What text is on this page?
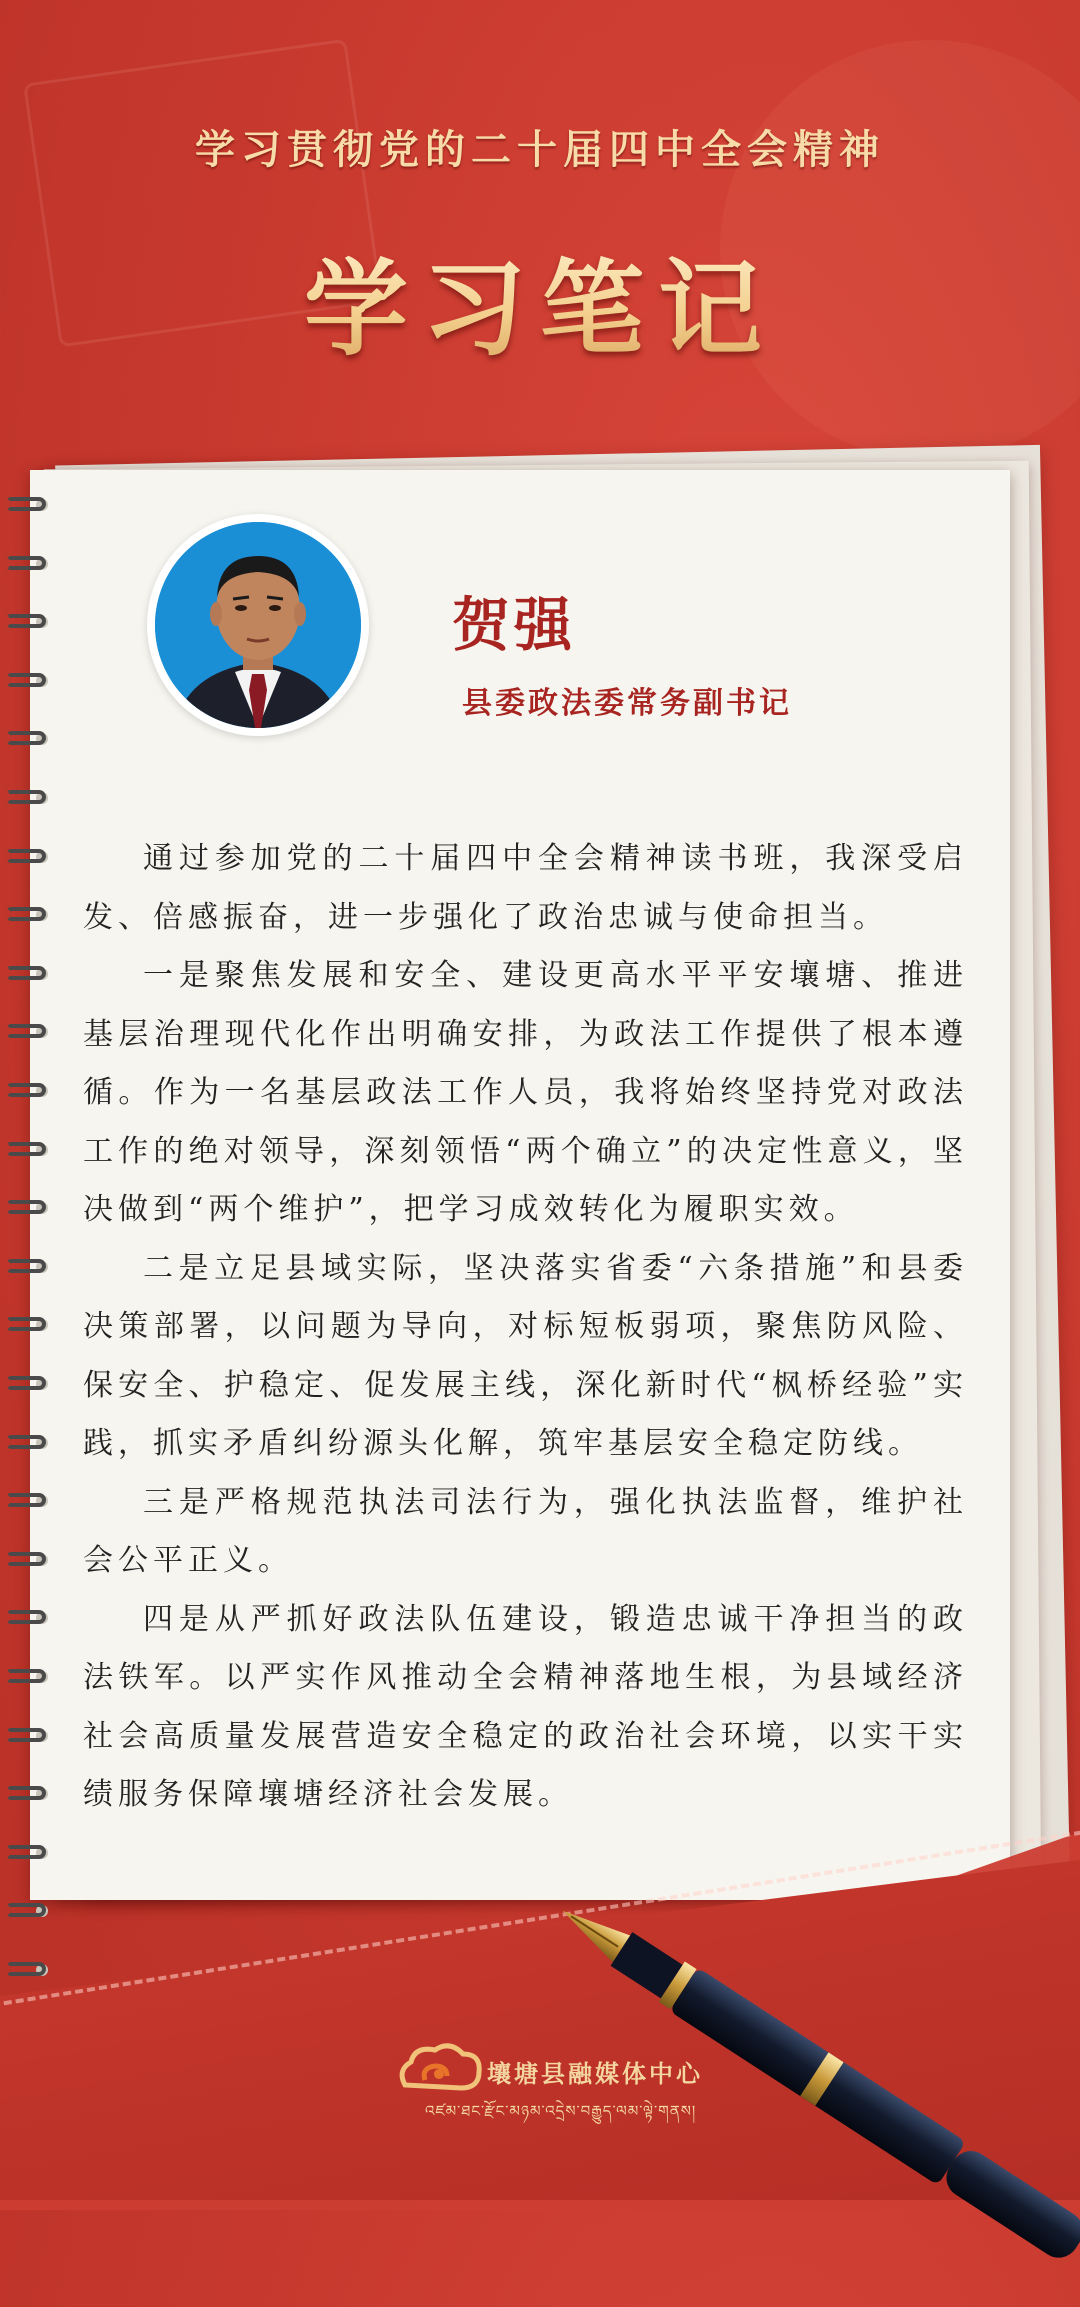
学习贯彻党的二十届四中全会精神
学习笔记
贺强
县委政法委常务副书记

通过参加党的二十届四中全会精神读书班，我深受启发、倍感振奋，进一步强化了政治忠诚与使命担当。

一是聚焦发展和安全、建设更高水平平安壤塘、推进基层治理现代化作出明确安排，为政法工作提供了根本遵循。作为一名基层政法工作人员，我将始终坚持党对政法工作的绝对领导，深刻领悟“两个确立”的决定性意义，坚决做到“两个维护”，把学习成效转化为履职实效。

二是立足县域实际，坚决落实省委“六条措施”和县委决策部署，以问题为导向，对标短板弱项，聚焦防风险、保安全、护稳定、促发展主线，深化新时代“枫桥经验”实践，抓实矛盾纠纷源头化解，筑牢基层安全稳定防线。

三是严格规范执法司法行为，强化执法监督，维护社会公平正义。

四是从严抓好政法队伍建设，锻造忠诚干净担当的政法铁军。以严实作风推动全会精神落地生根，为县域经济社会高质量发展营造安全稳定的政治社会环境，以实干实绩服务保障壤塘经济社会发展。

壤塘县融媒体中心
འཛམ་ཐང་རྫོང་མཉམ་འདྲེས་བརྒྱུད་ལམ་ལྟེ་གནས།
